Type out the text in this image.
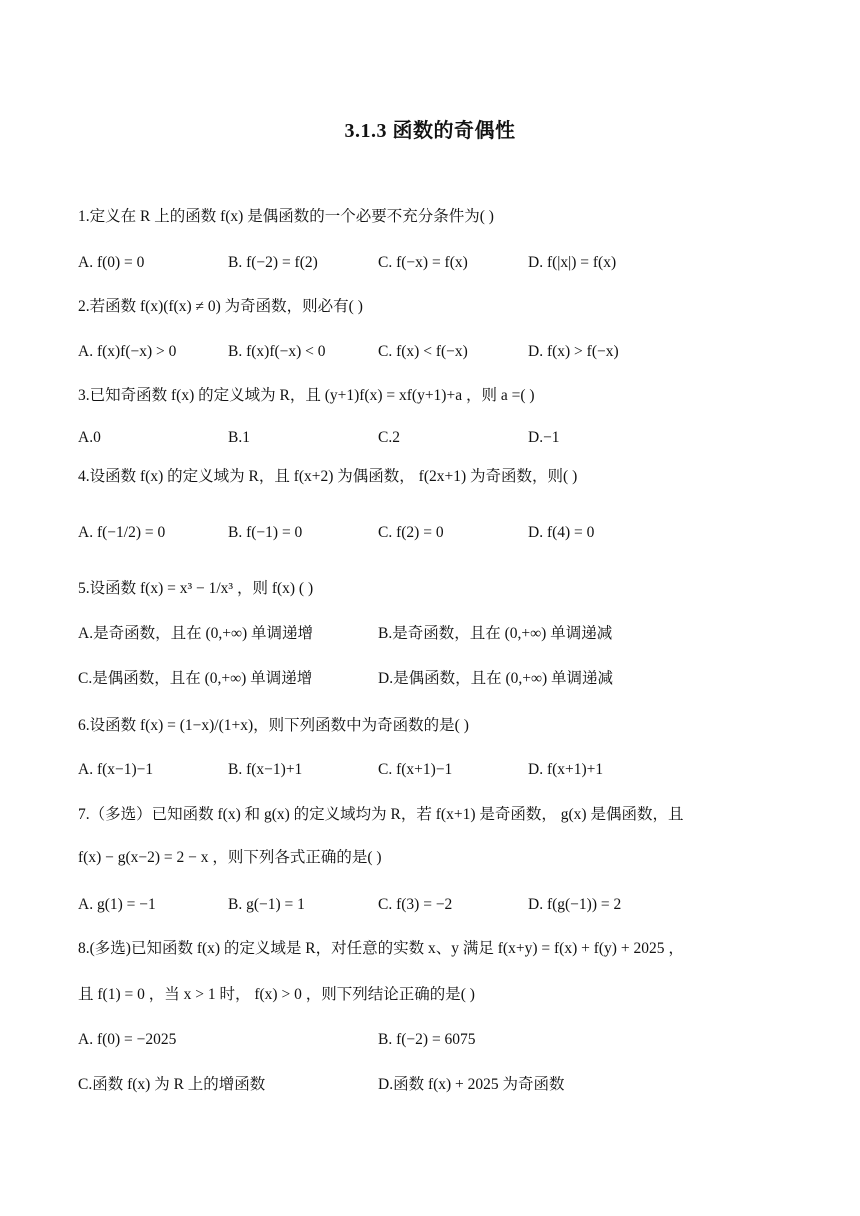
3.1.3 函数的奇偶性
1.定义在 R 上的函数 f(x) 是偶函数的一个必要不充分条件为( )
A. f(0) = 0	B. f(−2) = f(2)	C. f(−x) = f(x)	D. f(|x|) = f(x)
2.若函数 f(x)(f(x) ≠ 0) 为奇函数，则必有( )
A. f(x)f(−x) > 0	B. f(x)f(−x) < 0	C. f(x) < f(−x)	D. f(x) > f(−x)
3.已知奇函数 f(x) 的定义域为 R，且 (y+1)f(x) = xf(y+1)+a ，则 a =( )
A.0	B.1	C.2	D.−1
4.设函数 f(x) 的定义域为 R，且 f(x+2) 为偶函数， f(2x+1) 为奇函数，则( )
A. f(−1/2) = 0	B. f(−1) = 0	C. f(2) = 0	D. f(4) = 0
5.设函数 f(x) = x³ − 1/x³ ，则 f(x) ( )
A.是奇函数，且在 (0,+∞) 单调递增	B.是奇函数，且在 (0,+∞) 单调递减
C.是偶函数，且在 (0,+∞) 单调递增	D.是偶函数，且在 (0,+∞) 单调递减
6.设函数 f(x) = (1−x)/(1+x)，则下列函数中为奇函数的是( )
A. f(x−1)−1	B. f(x−1)+1	C. f(x+1)−1	D. f(x+1)+1
7.（多选）已知函数 f(x) 和 g(x) 的定义域均为 R，若 f(x+1) 是奇函数， g(x) 是偶函数，且
f(x) − g(x−2) = 2 − x ，则下列各式正确的是( )
A. g(1) = −1	B. g(−1) = 1	C. f(3) = −2	D. f(g(−1)) = 2
8.(多选)已知函数 f(x) 的定义域是 R，对任意的实数 x、y 满足 f(x+y) = f(x) + f(y) + 2025 ，
且 f(1) = 0 ，当 x > 1 时， f(x) > 0 ，则下列结论正确的是( )
A. f(0) = −2025	B. f(−2) = 6075
C.函数 f(x) 为 R 上的增函数	D.函数 f(x) + 2025 为奇函数
